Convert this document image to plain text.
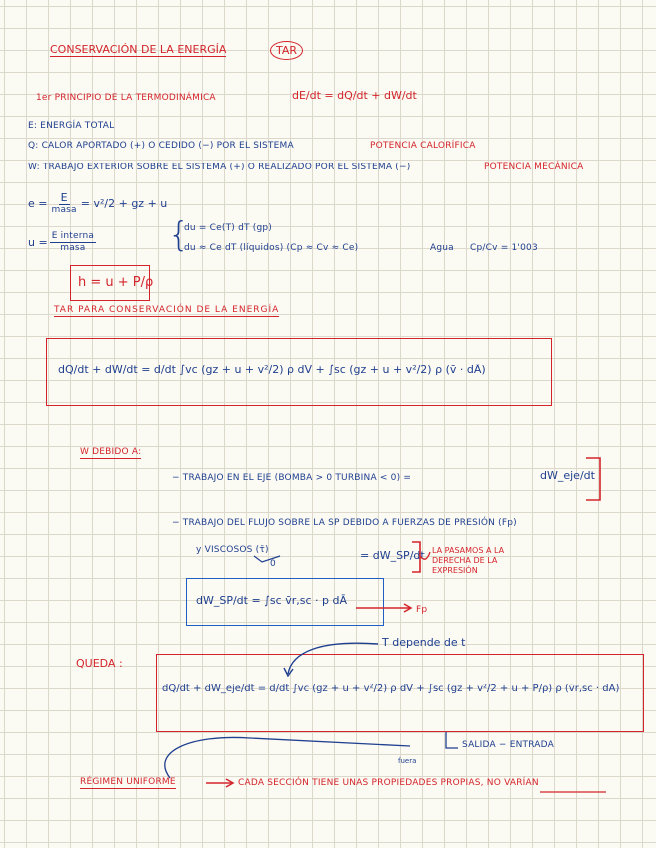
CONSERVACIÓN DE LA ENERGÍA	TAR
1er PRINCIPIO DE LA TERMODINÁMICA	dE/dt = dQ/dt + dW/dt
E: ENERGÍA TOTAL
Q: CALOR APORTADO (+) O CEDIDO (−) POR EL SISTEMA	POTENCIA CALORÍFICA
W: TRABAJO EXTERIOR SOBRE EL SISTEMA (+) O REALIZADO POR EL SISTEMA (−)	POTENCIA MECÁNICA
$e = \frac{E}{\text{masa}} = v^2/2$ + gz + u
$u = \frac{\text{E interna}}{\text{masa}}$ {
du = Ce(T) dT (gp)
du ≈ Ce dT (líquidos) (Cp ≈ Cv ≈ Ce)	Agua Cp/Cv = 1'003
h = u + P/ρ
TAR PARA CONSERVACIÓN DE LA ENERGÍA
dQ/dt + dW/dt = d/dt ∫vc (gz + u + v²/2) ρ dV + ∫sc (gz + u + v²/2) ρ (v̄ · dĀ)
W DEBIDO A:
− TRABAJO EN EL EJE (BOMBA > 0 TURBINA < 0) =	dW_eje/dt
− TRABAJO DEL FLUJO SOBRE LA SP DEBIDO A FUERZAS DE PRESIÓN (Fp)
y VISCOSOS (τ̄)
0
= dW_SP/dt LA PASAMOS A LA DERECHA DE LA EXPRESIÓN
dW_SP/dt = ∫sc v̄r,sc · p dĀ
Fp
T depende de t
QUEDA :
dQ/dt + dW_eje/dt = d/dt ∫vc (gz + u + v²/2) ρ dV + ∫sc (gz + v²/2 + u + P/ρ) ρ (v̄r,sc · dĀ)
fuera
SALIDA − ENTRADA
RÉGIMEN UNIFORME	CADA SECCIÓN TIENE UNAS PROPIEDADES PROPIAS, NO VARÍAN
